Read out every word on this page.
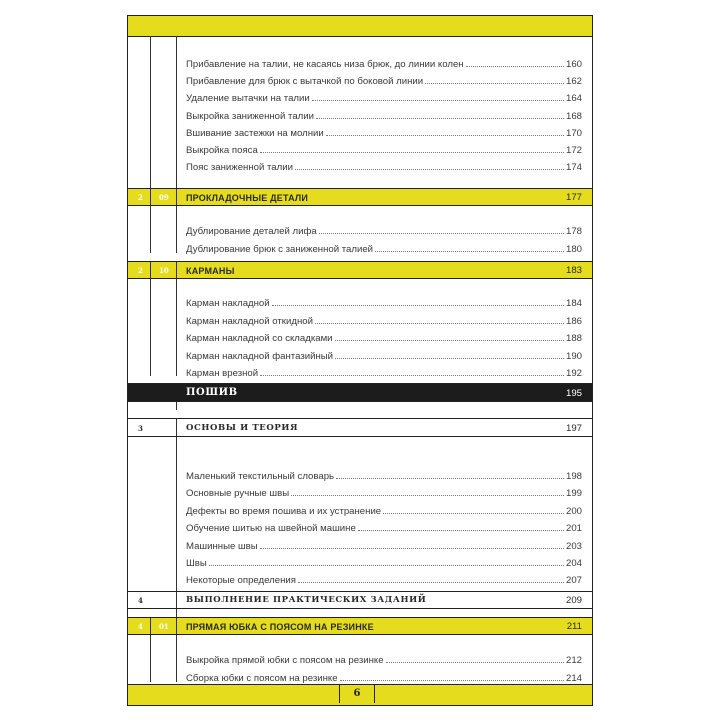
Прибавление на талии, не касаясь низа брюк, до линии колен	160
Прибавление для брюк с вытачкой по боковой линии	162
Удаление вытачки на талии	164
Выкройка заниженной талии	168
Вшивание застежки на молнии	170
Выкройка пояса	172
Пояс заниженной талии	174
2 09 ПРОКЛАДОЧНЫЕ ДЕТАЛИ	177
Дублирование деталей лифа	178
Дублирование брюк с заниженной талией	180
2 10 КАРМАНЫ	183
Карман накладной	184
Карман накладной откидной	186
Карман накладной со складками	188
Карман накладной фантазийный	190
Карман врезной	192
ПОШИВ	195
3	ОСНОВЫ И ТЕОРИЯ	197
Маленький текстильный словарь	198
Основные ручные швы	199
Дефекты во время пошива и их устранение	200
Обучение шитью на швейной машине	201
Машинные швы	203
Швы	204
Некоторые определения	207
4	ВЫПОЛНЕНИЕ ПРАКТИЧЕСКИХ ЗАДАНИЙ	209
4 01 ПРЯМАЯ ЮБКА С ПОЯСОМ НА РЕЗИНКЕ	211
Выкройка прямой юбки с поясом на резинке	212
Сборка юбки с поясом на резинке	214
6
